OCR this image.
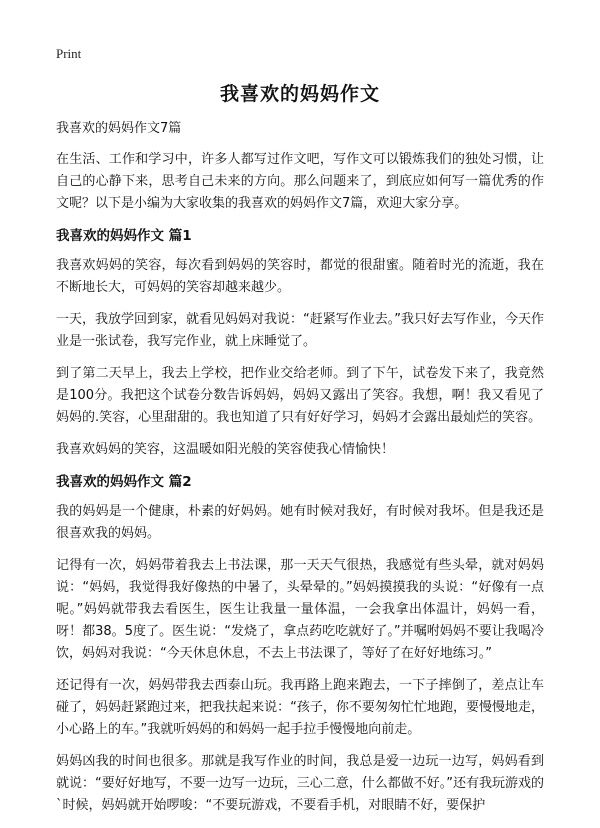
Print
我喜欢的妈妈作文

我喜欢的妈妈作文7篇

在生活、工作和学习中，许多人都写过作文吧，写作文可以锻炼我们的独处习惯，让自己的心静下来，思考自己未来的方向。那么问题来了，到底应如何写一篇优秀的作文呢？以下是小编为大家收集的我喜欢的妈妈作文7篇，欢迎大家分享。

我喜欢的妈妈作文 篇1

我喜欢妈妈的笑容，每次看到妈妈的笑容时，都觉的很甜蜜。随着时光的流逝，我在不断地长大，可妈妈的笑容却越来越少。

一天，我放学回到家，就看见妈妈对我说：“赶紧写作业去。”我只好去写作业，今天作业是一张试卷，我写完作业，就上床睡觉了。

到了第二天早上，我去上学校，把作业交给老师。到了下午，试卷发下来了，我竟然是100分。我把这个试卷分数告诉妈妈，妈妈又露出了笑容。我想，啊！我又看见了妈妈的.笑容，心里甜甜的。我也知道了只有好好学习，妈妈才会露出最灿烂的笑容。

我喜欢妈妈的笑容，这温暖如阳光般的笑容使我心情愉快！

我喜欢的妈妈作文 篇2

我的妈妈是一个健康，朴素的好妈妈。她有时候对我好，有时候对我坏。但是我还是很喜欢我的妈妈。

记得有一次，妈妈带着我去上书法课，那一天天气很热，我感觉有些头晕，就对妈妈说：“妈妈，我觉得我好像热的中暑了，头晕晕的。”妈妈摸摸我的头说：“好像有一点呢。”妈妈就带我去看医生，医生让我量一量体温，一会我拿出体温计，妈妈一看，呀！都38。5度了。医生说：“发烧了，拿点药吃吃就好了。”并嘱咐妈妈不要让我喝冷饮，妈妈对我说：“今天休息休息，不去上书法课了，等好了在好好地练习。”

还记得有一次，妈妈带我去西泰山玩。我再路上跑来跑去，一下子摔倒了，差点让车碰了，妈妈赶紧跑过来，把我扶起来说：“孩子，你不要匆匆忙忙地跑，要慢慢地走，小心路上的车。”我就听妈妈的和妈妈一起手拉手慢慢地向前走。

妈妈凶我的时间也很多。那就是我写作业的时间，我总是爱一边玩一边写，妈妈看到就说：“要好好地写，不要一边写一边玩，三心二意，什么都做不好。”还有我玩游戏的`时候，妈妈就开始啰唆：“不要玩游戏，不要看手机，对眼睛不好，要保护
